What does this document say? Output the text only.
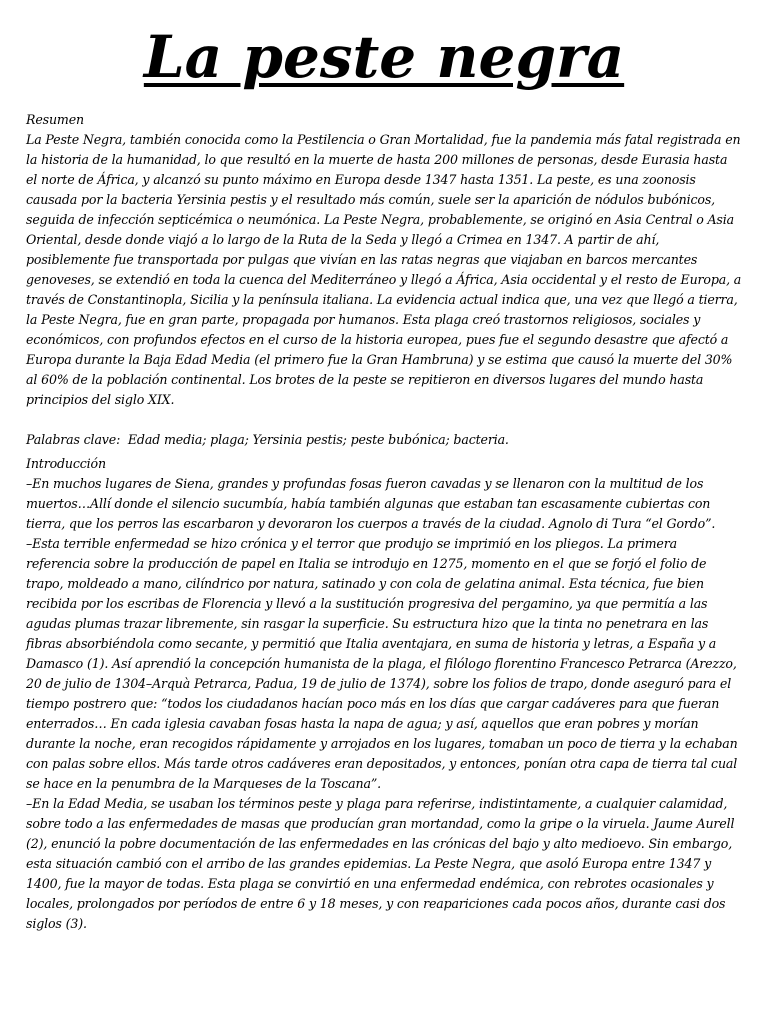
La peste negra

Resumen

La Peste Negra, también conocida como la Pestilencia o Gran Mortalidad, fue la pandemia más fatal registrada en la historia de la humanidad, lo que resultó en la muerte de hasta 200 millones de personas, desde Eurasia hasta el norte de África, y alcanzó su punto máximo en Europa desde 1347 hasta 1351. La peste, es una zoonosis causada por la bacteria Yersinia pestis y el resultado más común, suele ser la aparición de nódulos bubónicos, seguida de infección septicémica o neumónica. La Peste Negra, probablemente, se originó en Asia Central o Asia Oriental, desde donde viajó a lo largo de la Ruta de la Seda y llegó a Crimea en 1347. A partir de ahí, posiblemente fue transportada por pulgas que vivían en las ratas negras que viajaban en barcos mercantes genoveses, se extendió en toda la cuenca del Mediterráneo y llegó a África, Asia occidental y el resto de Europa, a través de Constantinopla, Sicilia y la península italiana. La evidencia actual indica que, una vez que llegó a tierra, la Peste Negra, fue en gran parte, propagada por humanos. Esta plaga creó trastornos religiosos, sociales y económicos, con profundos efectos en el curso de la historia europea, pues fue el segundo desastre que afectó a Europa durante la Baja Edad Media (el primero fue la Gran Hambruna) y se estima que causó la muerte del 30% al 60% de la población continental. Los brotes de la peste se repitieron en diversos lugares del mundo hasta principios del siglo XIX.

Palabras clave: Edad media; plaga; Yersinia pestis; peste bubónica; bacteria.

Introducción

–En muchos lugares de Siena, grandes y profundas fosas fueron cavadas y se llenaron con la multitud de los muertos…Allí donde el silencio sucumbía, había también algunas que estaban tan escasamente cubiertas con tierra, que los perros las escarbaron y devoraron los cuerpos a través de la ciudad. Agnolo di Tura “el Gordo”.

–Esta terrible enfermedad se hizo crónica y el terror que produjo se imprimió en los pliegos. La primera referencia sobre la producción de papel en Italia se introdujo en 1275, momento en el que se forjó el folio de trapo, moldeado a mano, cilíndrico por natura, satinado y con cola de gelatina animal. Esta técnica, fue bien recibida por los escribas de Florencia y llevó a la sustitución progresiva del pergamino, ya que permitía a las agudas plumas trazar libremente, sin rasgar la superficie. Su estructura hizo que la tinta no penetrara en las fibras absorbiéndola como secante, y permitió que Italia aventajara, en suma de historia y letras, a España y a Damasco (1). Así aprendió la concepción humanista de la plaga, el filólogo florentino Francesco Petrarca (Arezzo, 20 de julio de 1304–Arquà Petrarca, Padua, 19 de julio de 1374), sobre los folios de trapo, donde aseguró para el tiempo postrero que: “todos los ciudadanos hacían poco más en los días que cargar cadáveres para que fueran enterrados… En cada iglesia cavaban fosas hasta la napa de agua; y así, aquellos que eran pobres y morían durante la noche, eran recogidos rápidamente y arrojados en los lugares, tomaban un poco de tierra y la echaban con palas sobre ellos. Más tarde otros cadáveres eran depositados, y entonces, ponían otra capa de tierra tal cual se hace en la penumbra de la Marqueses de la Toscana”.

–En la Edad Media, se usaban los términos peste y plaga para referirse, indistintamente, a cualquier calamidad, sobre todo a las enfermedades de masas que producían gran mortandad, como la gripe o la viruela. Jaume Aurell (2), enunció la pobre documentación de las enfermedades en las crónicas del bajo y alto medioevo. Sin embargo, esta situación cambió con el arribo de las grandes epidemias. La Peste Negra, que asoló Europa entre 1347 y 1400, fue la mayor de todas. Esta plaga se convirtió en una enfermedad endémica, con rebrotes ocasionales y locales, prolongados por períodos de entre 6 y 18 meses, y con reapariciones cada pocos años, durante casi dos siglos (3).
